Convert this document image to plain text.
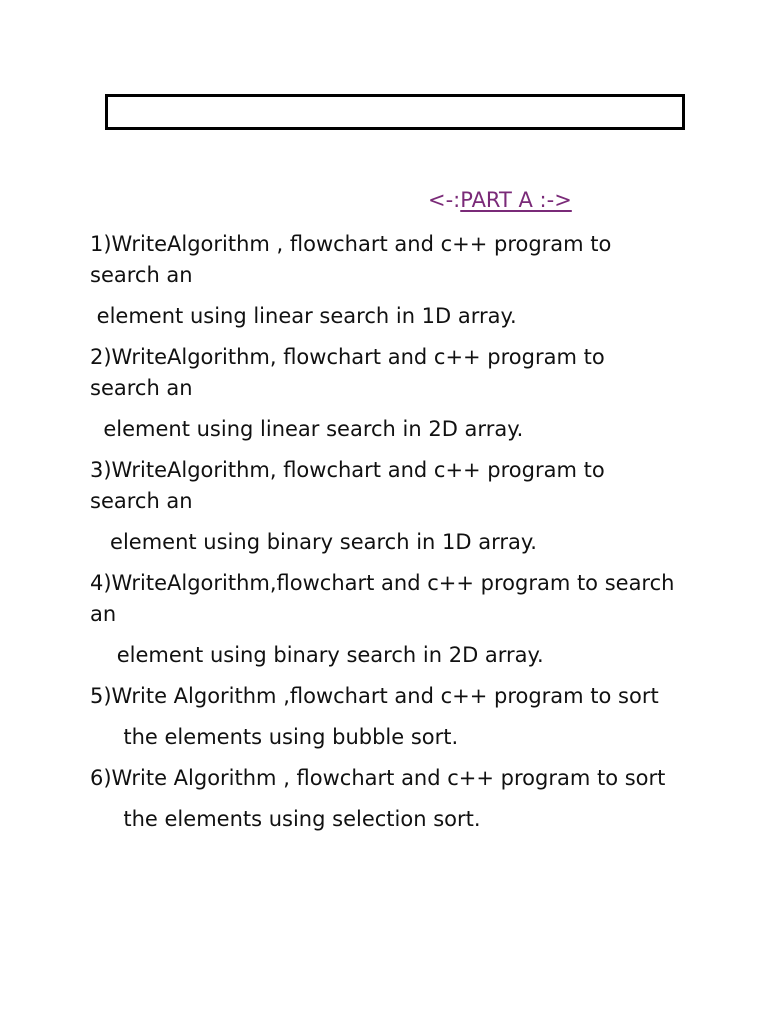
<-:PART A :->

1)WriteAlgorithm , flowchart and c++ program to search an

element using linear search in 1D array.

2)WriteAlgorithm, flowchart and c++ program to search an

element using linear search in 2D array.

3)WriteAlgorithm, flowchart and c++ program to search an

element using binary search in 1D array.

4)WriteAlgorithm,flowchart and c++ program to search an

element using binary search in 2D array.

5)Write Algorithm ,flowchart and c++ program to sort

the elements using bubble sort.

6)Write Algorithm , flowchart and c++ program to sort

the elements using selection sort.
